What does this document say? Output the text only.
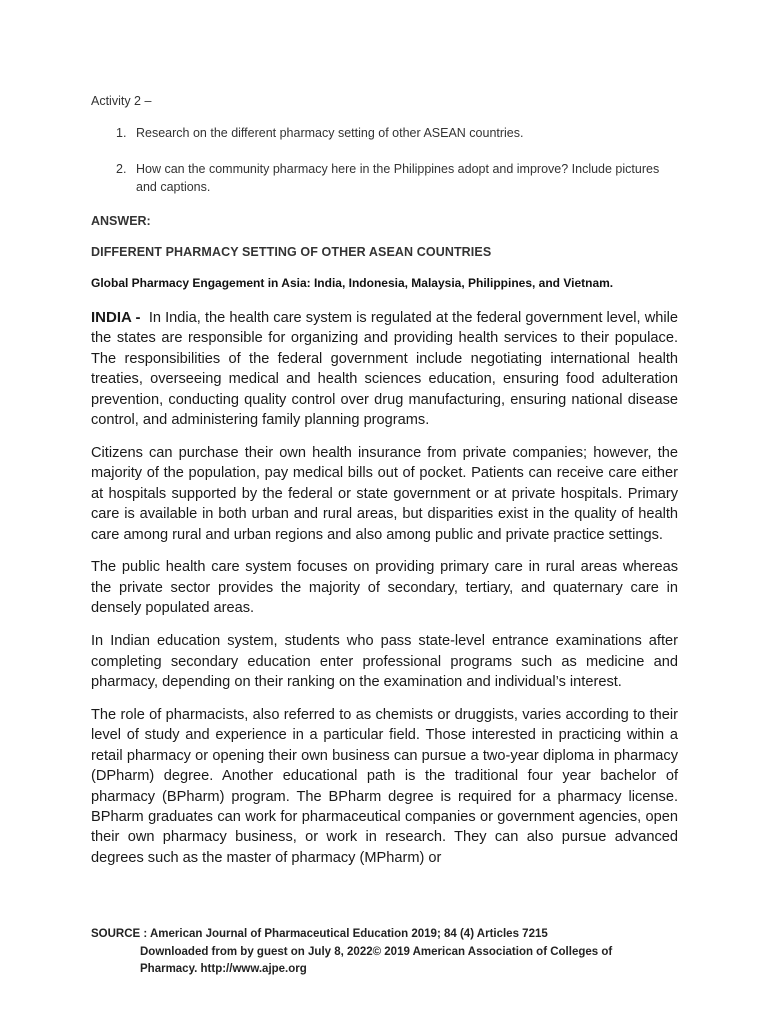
Activity 2 –
1. Research on the different pharmacy setting of other ASEAN countries.
2. How can the community pharmacy here in the Philippines adopt and improve? Include pictures and captions.
ANSWER:
DIFFERENT PHARMACY SETTING OF OTHER ASEAN COUNTRIES
Global Pharmacy Engagement in Asia: India, Indonesia, Malaysia, Philippines, and Vietnam.

INDIA - In India, the health care system is regulated at the federal government level, while the states are responsible for organizing and providing health services to their populace. The responsibilities of the federal government include negotiating international health treaties, overseeing medical and health sciences education, ensuring food adulteration prevention, conducting quality control over drug manufacturing, ensuring national disease control, and administering family planning programs.

Citizens can purchase their own health insurance from private companies; however, the majority of the population, pay medical bills out of pocket. Patients can receive care either at hospitals supported by the federal or state government or at private hospitals. Primary care is available in both urban and rural areas, but disparities exist in the quality of health care among rural and urban regions and also among public and private practice settings.

The public health care system focuses on providing primary care in rural areas whereas the private sector provides the majority of secondary, tertiary, and quaternary care in densely populated areas.

In Indian education system, students who pass state-level entrance examinations after completing secondary education enter professional programs such as medicine and pharmacy, depending on their ranking on the examination and individual’s interest.

The role of pharmacists, also referred to as chemists or druggists, varies according to their level of study and experience in a particular field. Those interested in practicing within a retail pharmacy or opening their own business can pursue a two-year diploma in pharmacy (DPharm) degree. Another educational path is the traditional four year bachelor of pharmacy (BPharm) program. The BPharm degree is required for a pharmacy license. BPharm graduates can work for pharmaceutical companies or government agencies, open their own pharmacy business, or work in research. They can also pursue advanced degrees such as the master of pharmacy (MPharm) or

SOURCE : American Journal of Pharmaceutical Education 2019; 84 (4) Articles 7215
Downloaded from by guest on July 8, 2022© 2019 American Association of Colleges of
Pharmacy. http://www.ajpe.org
